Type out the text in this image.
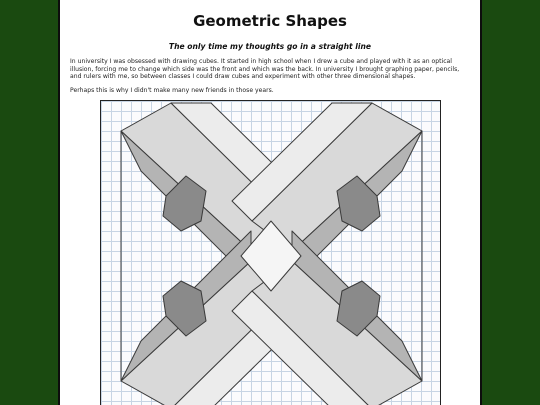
Geometric Shapes
The only time my thoughts go in a straight line
In university I was obsessed with drawing cubes. It started in high school when I drew a cube and played with it as an optical illusion, forcing me to change which side was the front and which was the back. In university I brought graphing paper, pencils, and rulers with me, so between classes I could draw cubes and experiment with other three dimensional shapes.
Perhaps this is why I didn't make many new friends in those years.
